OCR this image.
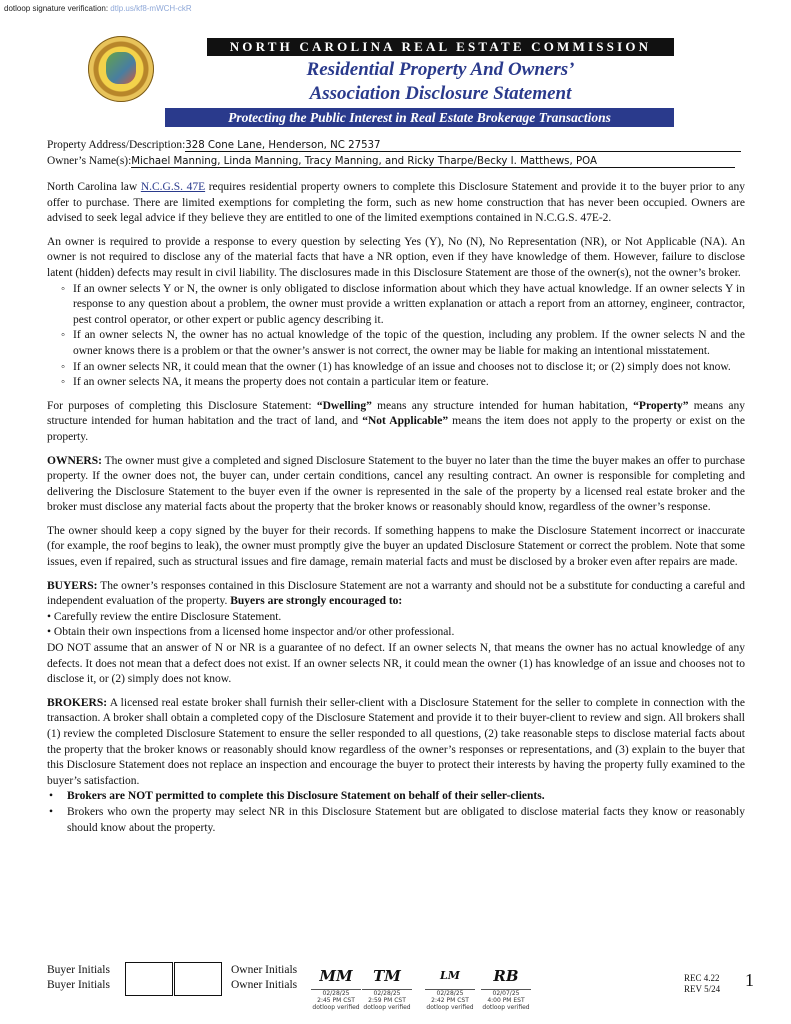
dotloop signature verification: dtlp.us/kf8-mWCH-ckR
NORTH CAROLINA REAL ESTATE COMMISSION
Residential Property And Owners’
Association Disclosure Statement
Protecting the Public Interest in Real Estate Brokerage Transactions
Property Address/Description:328 Cone Lane, Henderson, NC 27537
Owner’s Name(s):Michael Manning, Linda Manning, Tracy Manning, and Ricky Tharpe/Becky I. Matthews, POA

North Carolina law N.C.G.S. 47E requires residential property owners to complete this Disclosure Statement and provide it to the buyer prior to any offer to purchase. There are limited exemptions for completing the form, such as new home construction that has never been occupied. Owners are advised to seek legal advice if they believe they are entitled to one of the limited exemptions contained in N.C.G.S. 47E-2.

An owner is required to provide a response to every question by selecting Yes (Y), No (N), No Representation (NR), or Not Applicable (NA). An owner is not required to disclose any of the material facts that have a NR option, even if they have knowledge of them. However, failure to disclose latent (hidden) defects may result in civil liability. The disclosures made in this Disclosure Statement are those of the owner(s), not the owner’s broker.

◦ If an owner selects Y or N, the owner is only obligated to disclose information about which they have actual knowledge. If an owner selects Y in response to any question about a problem, the owner must provide a written explanation or attach a report from an attorney, engineer, contractor, pest control operator, or other expert or public agency describing it.
◦ If an owner selects N, the owner has no actual knowledge of the topic of the question, including any problem. If the owner selects N and the owner knows there is a problem or that the owner’s answer is not correct, the owner may be liable for making an intentional misstatement.
◦ If an owner selects NR, it could mean that the owner (1) has knowledge of an issue and chooses not to disclose it; or (2) simply does not know.
◦ If an owner selects NA, it means the property does not contain a particular item or feature.

For purposes of completing this Disclosure Statement: “Dwelling” means any structure intended for human habitation, “Property” means any structure intended for human habitation and the tract of land, and “Not Applicable” means the item does not apply to the property or exist on the property.

OWNERS: The owner must give a completed and signed Disclosure Statement to the buyer no later than the time the buyer makes an offer to purchase property. If the owner does not, the buyer can, under certain conditions, cancel any resulting contract. An owner is responsible for completing and delivering the Disclosure Statement to the buyer even if the owner is represented in the sale of the property by a licensed real estate broker and the broker must disclose any material facts about the property that the broker knows or reasonably should know, regardless of the owner’s response.

The owner should keep a copy signed by the buyer for their records. If something happens to make the Disclosure Statement incorrect or inaccurate (for example, the roof begins to leak), the owner must promptly give the buyer an updated Disclosure Statement or correct the problem. Note that some issues, even if repaired, such as structural issues and fire damage, remain material facts and must be disclosed by a broker even after repairs are made.

BUYERS: The owner’s responses contained in this Disclosure Statement are not a warranty and should not be a substitute for conducting a careful and independent evaluation of the property. Buyers are strongly encouraged to:
• Carefully review the entire Disclosure Statement.
• Obtain their own inspections from a licensed home inspector and/or other professional.
DO NOT assume that an answer of N or NR is a guarantee of no defect. If an owner selects N, that means the owner has no actual knowledge of any defects. It does not mean that a defect does not exist. If an owner selects NR, it could mean the owner (1) has knowledge of an issue and chooses not to disclose it, or (2) simply does not know.

BROKERS: A licensed real estate broker shall furnish their seller-client with a Disclosure Statement for the seller to complete in connection with the transaction. A broker shall obtain a completed copy of the Disclosure Statement and provide it to their buyer-client to review and sign. All brokers shall (1) review the completed Disclosure Statement to ensure the seller responded to all questions, (2) take reasonable steps to disclose material facts about the property that the broker knows or reasonably should know regardless of the owner’s responses or representations, and (3) explain to the buyer that this Disclosure Statement does not replace an inspection and encourage the buyer to protect their interests by having the property fully examined to the buyer’s satisfaction.

• Brokers are NOT permitted to complete this Disclosure Statement on behalf of their seller-clients.
• Brokers who own the property may select NR in this Disclosure Statement but are obligated to disclose material facts they know or reasonably should know about the property.
Buyer Initials
Buyer Initials
Owner Initials
Owner Initials	MM
02/28/25
2:45 PM CST
dotloop verified
TM
02/28/25
2:59 PM CST
dotloop verified
LM
02/28/25
2:42 PM CST
dotloop verified
RB
02/07/25
4:00 PM EST
dotloop verified
REC 4.22
REV 5/24 1
